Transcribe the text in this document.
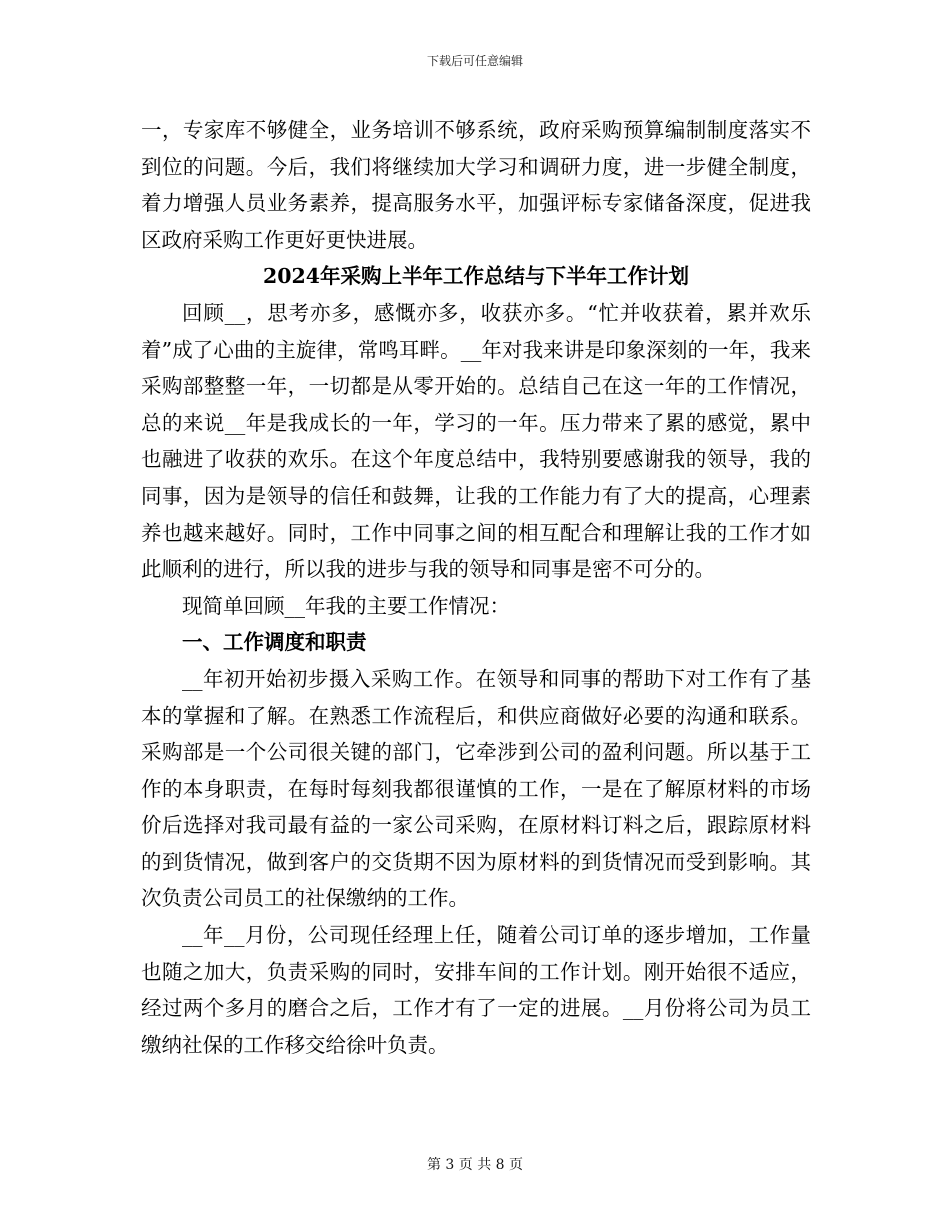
下载后可任意编辑

一，专家库不够健全，业务培训不够系统，政府采购预算编制制度落实不到位的问题。今后，我们将继续加大学习和调研力度，进一步健全制度，着力增强人员业务素养，提高服务水平，加强评标专家储备深度，促进我区政府采购工作更好更快进展。

2024年采购上半年工作总结与下半年工作计划

回顾__，思考亦多，感慨亦多，收获亦多。“忙并收获着，累并欢乐着”成了心曲的主旋律，常鸣耳畔。__年对我来讲是印象深刻的一年，我来采购部整整一年，一切都是从零开始的。总结自己在这一年的工作情况，总的来说__年是我成长的一年，学习的一年。压力带来了累的感觉，累中也融进了收获的欢乐。在这个年度总结中，我特别要感谢我的领导，我的同事，因为是领导的信任和鼓舞，让我的工作能力有了大的提高，心理素养也越来越好。同时，工作中同事之间的相互配合和理解让我的工作才如此顺利的进行，所以我的进步与我的领导和同事是密不可分的。

现简单回顾__年我的主要工作情况：

一、工作调度和职责

__年初开始初步摄入采购工作。在领导和同事的帮助下对工作有了基本的掌握和了解。在熟悉工作流程后，和供应商做好必要的沟通和联系。采购部是一个公司很关键的部门，它牵涉到公司的盈利问题。所以基于工作的本身职责，在每时每刻我都很谨慎的工作，一是在了解原材料的市场价后选择对我司最有益的一家公司采购，在原材料订料之后，跟踪原材料的到货情况，做到客户的交货期不因为原材料的到货情况而受到影响。其次负责公司员工的社保缴纳的工作。

__年__月份，公司现任经理上任，随着公司订单的逐步增加，工作量也随之加大，负责采购的同时，安排车间的工作计划。刚开始很不适应，经过两个多月的磨合之后，工作才有了一定的进展。__月份将公司为员工缴纳社保的工作移交给徐叶负责。

第 3 页 共 8 页
